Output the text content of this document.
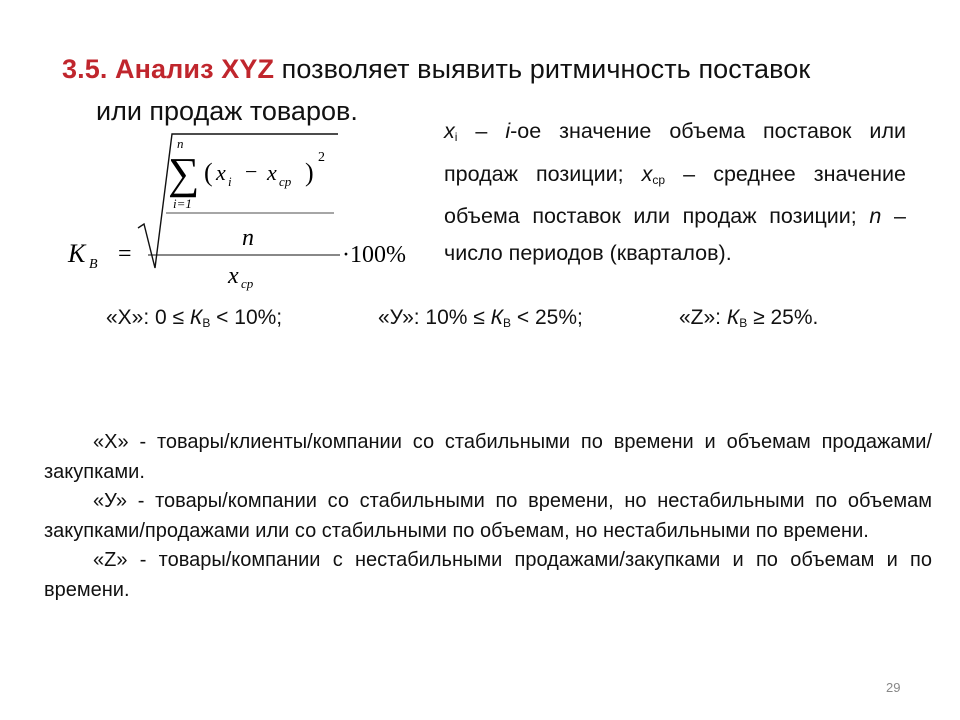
3.5. Анализ XYZ позволяет выявить ритмичность поставок
или продаж товаров.
К В =
n
∑
i=1
( x i − x cp )
2
n
x cp
·100%
$x_i - i-ое$ значение объема поставок или продаж позиции; $x_{ср}$ – среднее значение объема поставок или продаж позиции; n – число периодов (кварталов).
«Х»: $0 \le К_В < 10\%$;	«У»: $10\% \le К_В < 25\%$;	«Z»: $К_В \ge 25\%$.

«Х» - товары/клиенты/компании со стабильными по времени и объемам продажами/закупками.

«У» - товары/компании со стабильными по времени, но нестабильными по объемам закупками/продажами или со стабильными по объемам, но нестабильными по времени.

«Z» - товары/компании с нестабильными продажами/закупками и по объемам и по времени.

29
